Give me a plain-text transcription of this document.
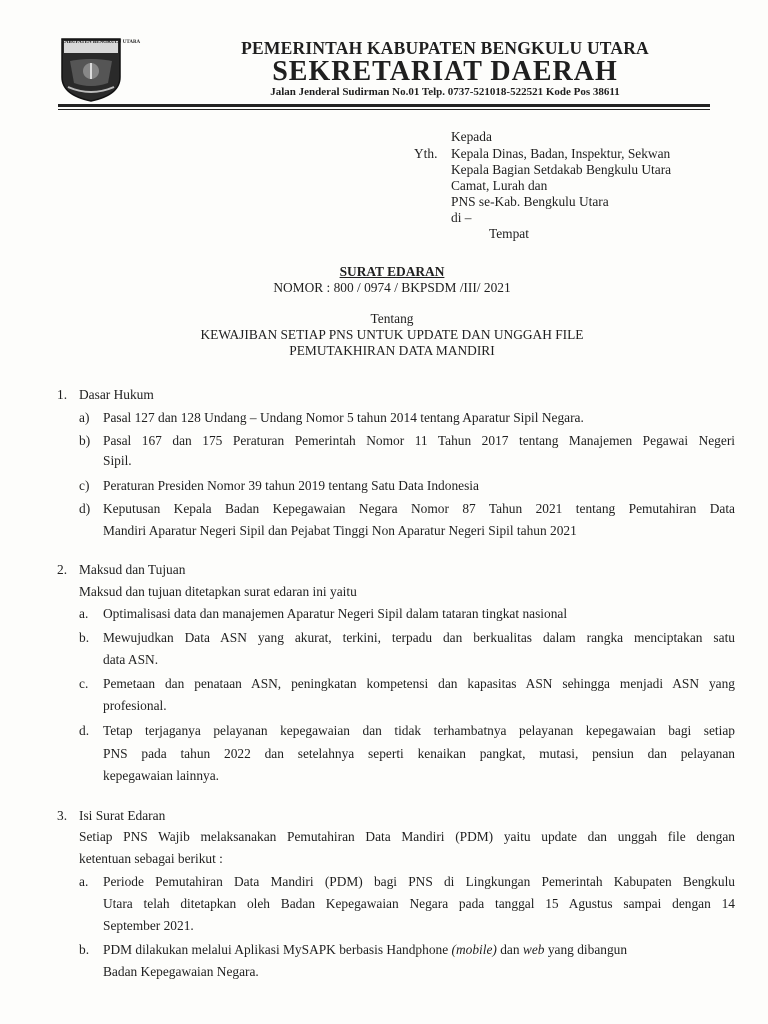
KABUPATEN BENGKULU UTARA	PEMERINTAH KABUPATEN BENGKULU UTARA
SEKRETARIAT DAERAH
Jalan Jenderal Sudirman No.01 Telp. 0737-521018-522521 Kode Pos 38611
Kepada
Yth. Kepala Dinas, Badan, Inspektur, Sekwan
Kepala Bagian Setdakab Bengkulu Utara
Camat, Lurah dan
PNS se-Kab. Bengkulu Utara
di –
Tempat
SURAT EDARAN
NOMOR : 800 / 0974 / BKPSDM /III/ 2021
Tentang
KEWAJIBAN SETIAP PNS UNTUK UPDATE DAN UNGGAH FILE
PEMUTAKHIRAN DATA MANDIRI
1. Dasar Hukum
a) Pasal 127 dan 128 Undang – Undang Nomor 5 tahun 2014 tentang Aparatur Sipil Negara.
b) Pasal 167 dan 175 Peraturan Pemerintah Nomor 11 Tahun 2017 tentang Manajemen Pegawai Negeri
Sipil.
c) Peraturan Presiden Nomor 39 tahun 2019 tentang Satu Data Indonesia
d) Keputusan Kepala Badan Kepegawaian Negara Nomor 87 Tahun 2021 tentang Pemutahiran Data
Mandiri Aparatur Negeri Sipil dan Pejabat Tinggi Non Aparatur Negeri Sipil tahun 2021
2. Maksud dan Tujuan
Maksud dan tujuan ditetapkan surat edaran ini yaitu
a. Optimalisasi data dan manajemen Aparatur Negeri Sipil dalam tataran tingkat nasional
b. Mewujudkan Data ASN yang akurat, terkini, terpadu dan berkualitas dalam rangka menciptakan satu
data ASN.
c. Pemetaan dan penataan ASN, peningkatan kompetensi dan kapasitas ASN sehingga menjadi ASN yang
profesional.
d. Tetap terjaganya pelayanan kepegawaian dan tidak terhambatnya pelayanan kepegawaian bagi setiap
PNS pada tahun 2022 dan setelahnya seperti kenaikan pangkat, mutasi, pensiun dan pelayanan
kepegawaian lainnya.
3. Isi Surat Edaran
Setiap PNS Wajib melaksanakan Pemutahiran Data Mandiri (PDM) yaitu update dan unggah file dengan
ketentuan sebagai berikut :
a. Periode Pemutahiran Data Mandiri (PDM) bagi PNS di Lingkungan Pemerintah Kabupaten Bengkulu
Utara telah ditetapkan oleh Badan Kepegawaian Negara pada tanggal 15 Agustus sampai dengan 14
September 2021.
b. PDM dilakukan melalui Aplikasi MySAPK berbasis Handphone (mobile) dan web yang dibangun
Badan Kepegawaian Negara.
